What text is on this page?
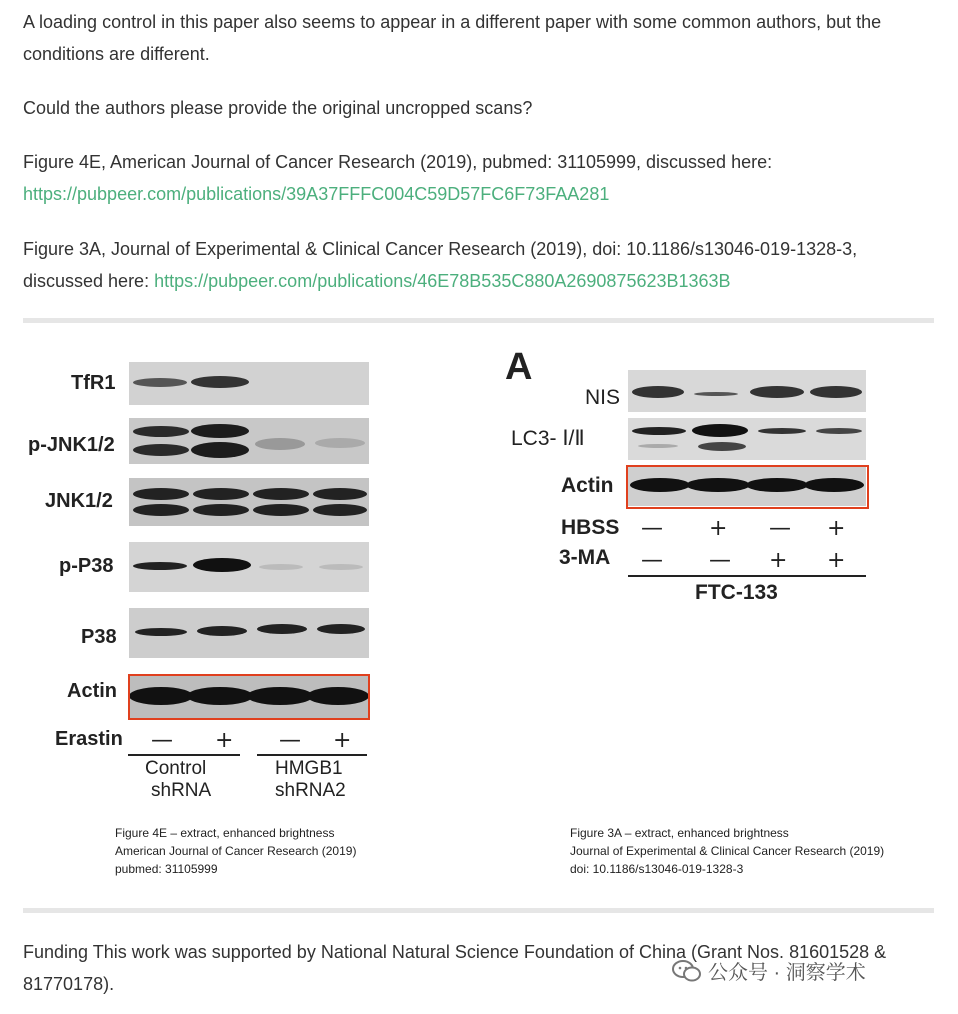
A loading control in this paper also seems to appear in a different paper with some common authors, but the conditions are different.

Could the authors please provide the original uncropped scans?

Figure 4E, American Journal of Cancer Research (2019), pubmed: 31105999, discussed here:
https://pubpeer.com/publications/39A37FFFC004C59D57FC6F73FAA281

Figure 3A, Journal of Experimental & Clinical Cancer Research (2019), doi: 10.1186/s13046-019-1328-3, discussed here: https://pubpeer.com/publications/46E78B535C880A2690875623B1363B

TfR1
p-JNK1/2
JNK1/2
p-P38
P38
Actin
Erastin — + — +
Control
shRNA
HMGB1
shRNA2
Figure 4E – extract, enhanced brightness
American Journal of Cancer Research (2019)
pubmed: 31105999
A
NIS
LC3- Ⅰ/Ⅱ
Actin
HBSS — + — +
3-MA — — + +
FTC-133
Figure 3A – extract, enhanced brightness
Journal of Experimental & Clinical Cancer Research (2019)
doi: 10.1186/s13046-019-1328-3

Funding This work was supported by National Natural Science Foundation of China (Grant Nos. 81601528 & 81770178).	公众号 · 洞察学术
